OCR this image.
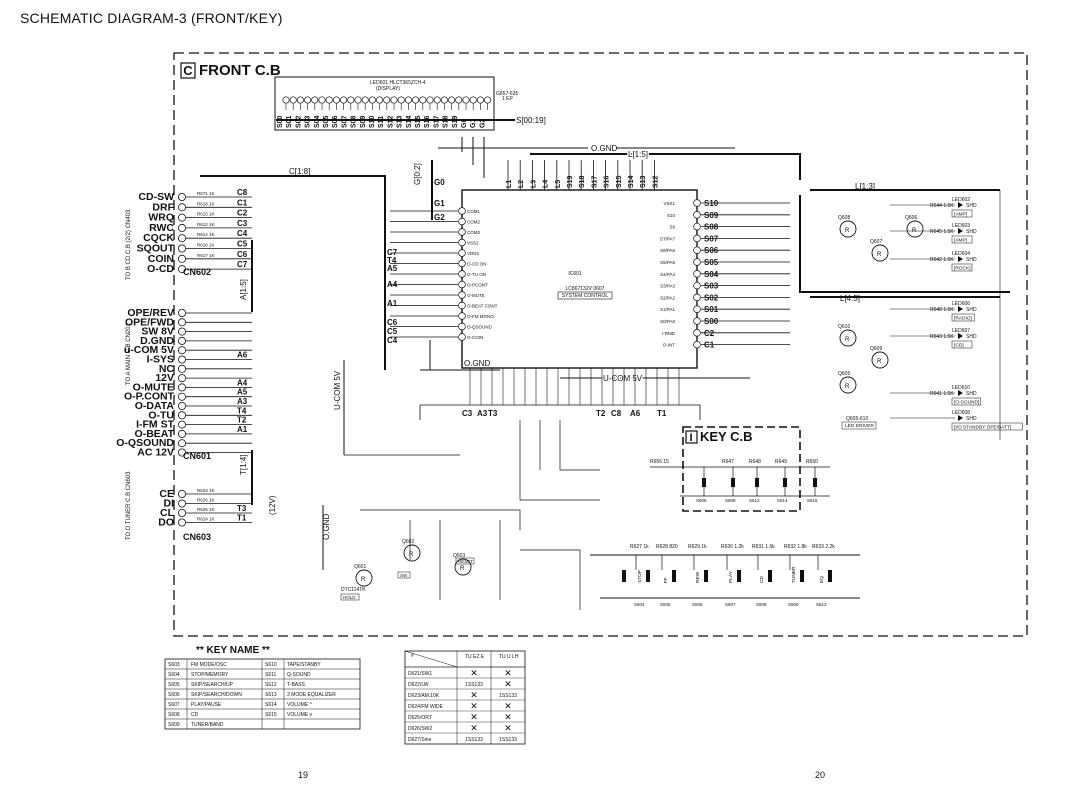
SCHEMATIC DIAGRAM-3 (FRONT/KEY)
C FRONT C.B
LED601 HLCT365ZCH-4
(DISPLAY)
G657-635
1 EP
S00 S01 S02 S03 S04 S05 S06 S07 S08 S09 S10 S11 S12 S13 S14 S15 S16 S17 S18 S19 G0 G1 G2	S[00:19]
O.GND
L[1:5]
C[1:8]	G[0:2]
A[1:5]
T[1:4]
U-COM 5V
(12V)
O.GND
O.GND
U-COM 5V
L[1:3]
L[4:5]
IC601
LC867132V 0607
SYSTEM CONTROL
COM1
COM2
COM3
VSS2
VDD2
O-CD ON
O-TU ON
O-PCONT
O-MUTE
O-BEAT CONT
O-FM MONO
O-QSOUND
O-COIN
S10
VSS1
S09
S10
S08
S9
S07
ST/PA7
S06
S8/PA6
S05
S5/PA5
S04
S4/PA4
S03
S3/PA3
S02
S2/PA2
S01
S1/PA1
S00
S0/PA0
C2
I-RMD
C1
O-INT
L1 L2 L3 L4 L5 S19 S18 S17 S16 S15 S14 S13 S12
C7
T4
A5
A4
A1
C6
C5
C4
G0
G1
G2
CD-SW	R671 1K	C8
DRF	R618 1K	C1
WRQ	R615 1K	C2
RWC	R612 1K	C3
CQCK	R614 1K	C4
SQOUT	R616 1K	C5
COIN	R617 1K	C6
O-CD	C7
CN602
TO B CD C.B (2/2) CN403
OPE/REV
OPE/FWD
SW 8V
D.GND
u-COM 5V
I-SYS	A6
NC
12V
O-MUTE	A4
O-P.CONT	A5
O-DATA	A3
O-TU	T4
I-FM ST	T2
O-BEAT	A1
O-QSOUND
AC 12V CN601
TO A MAIN C.B CN201
CE	R623 1K
DI	R626 1K
CL	R625 1K	T3
DO	R624 1K	T1
CN603
TO D TUNER C.B CN603
LED602
R644 1.5K SHD
[AMP]
LED603
R645 1.5K SHD
[AMP]
LED604
R642 1.5K SHD
[ROCK]
LED606
R648 1.5K SHD
[RADIO]
LED607
R643 1.5K SHD
[CD]
LED610
R641 1.5K SHD
[O-SOUND]
LED608
SHD
[I/O STANDBY OPE/BATT]
Q605-610
LED DRIVER
C3 A3 T3	T2 C8 A6 T1
I KEY C.B
R656 15	R647	R648	R649	R650
S606	S608	S612	S614	S615
R627 1k
STOP
S604
R628 820
FF
S605
R629 1k
REW
S606
R630 1.2k
PLAY
S607
R631 1.5k
CD
S608
R632 1.8k
TUNER
S609
R633 2.2k
EQ
S613
R
Q608
R
Q607
R
Q606
R
Q610
R
Q609
R
Q605
R
Q601	R
Q603
R
Q602
DTC114TK
HOLD
RESET
SW
** KEY NAME **
S603 FM MODE/OSC
S604 STOP/MEMORY
S605 SKIP/SEARCH/UP
S606 SKIP/SEARCH/DOWN
S607 PLAY/PAUSE
S608 CD
S609 TUNER/BAND
S610 TAPE/STANBY
S611 Q-SOUND
S612 T-BASS
S613 3 MODE EQUALIZER
S614 VOLUME ^
S615 VOLUME v
#	TU EZ E	TU U LH
D621/SW1	✕	✕
D622/LW	1SS133 ✕
D623/AM,10K	✕	1SS133
D624/FM WIDE	✕	✕
D625/ORT	✕	✕
D626/SW2	✕	✕
D627/Sine	1SS133	1SS133
19	20
